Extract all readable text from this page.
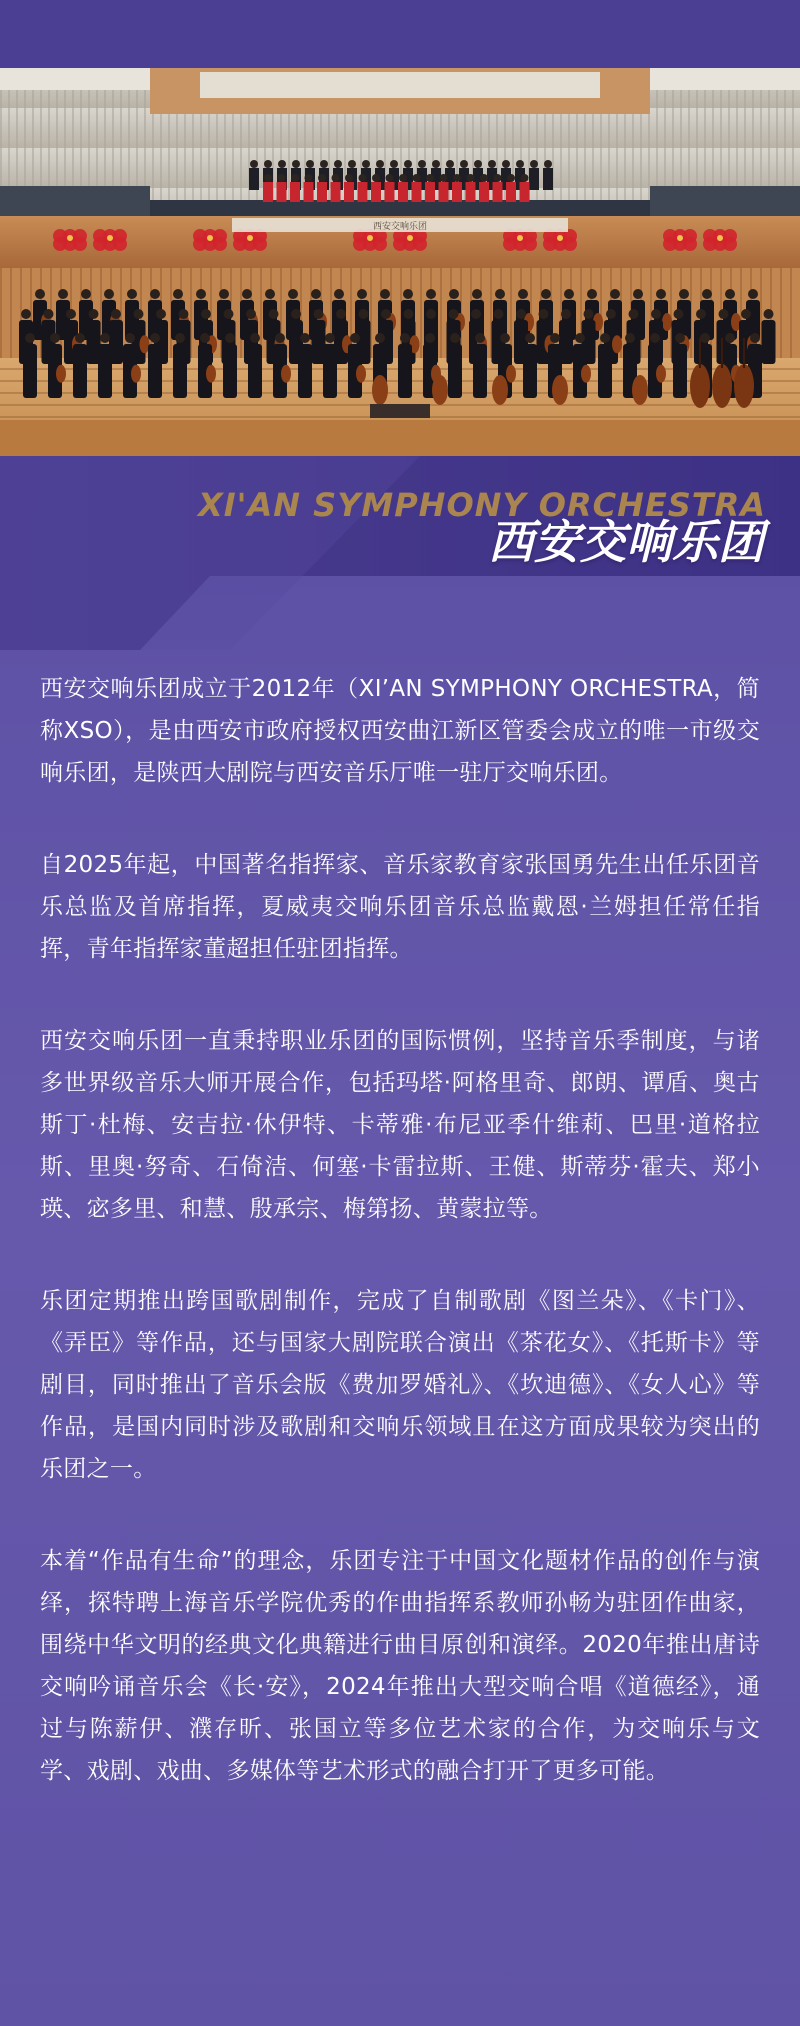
西安交响乐团
XI'AN SYMPHONY ORCHESTRA
西安交响乐团

西安交响乐团成立于2012年（XI’AN SYMPHONY ORCHESTRA，简称XSO），是由西安市政府授权西安曲江新区管委会成立的唯一市级交响乐团，是陕西大剧院与西安音乐厅唯一驻厅交响乐团。

自2025年起，中国著名指挥家、音乐家教育家张国勇先生出任乐团音乐总监及首席指挥，夏威夷交响乐团音乐总监戴恩·兰姆担任常任指挥，青年指挥家董超担任驻团指挥。

西安交响乐团一直秉持职业乐团的国际惯例，坚持音乐季制度，与诸多世界级音乐大师开展合作，包括玛塔·阿格里奇、郎朗、谭盾、奥古斯丁·杜梅、安吉拉·休伊特、卡蒂雅·布尼亚季什维莉、巴里·道格拉斯、里奥·努奇、石倚洁、何塞·卡雷拉斯、王健、斯蒂芬·霍夫、郑小瑛、宓多里、和慧、殷承宗、梅第扬、黄蒙拉等。

乐团定期推出跨国歌剧制作，完成了自制歌剧《图兰朵》、《卡门》、《弄臣》等作品，还与国家大剧院联合演出《茶花女》、《托斯卡》等剧目，同时推出了音乐会版《费加罗婚礼》、《坎迪德》、《女人心》等作品，是国内同时涉及歌剧和交响乐领域且在这方面成果较为突出的乐团之一。

本着“作品有生命”的理念，乐团专注于中国文化题材作品的创作与演绎，探特聘上海音乐学院优秀的作曲指挥系教师孙畅为驻团作曲家，围绕中华文明的经典文化典籍进行曲目原创和演绎。2020年推出唐诗交响吟诵音乐会《长·安》，2024年推出大型交响合唱《道德经》，通过与陈薪伊、濮存昕、张国立等多位艺术家的合作，为交响乐与文学、戏剧、戏曲、多媒体等艺术形式的融合打开了更多可能。
